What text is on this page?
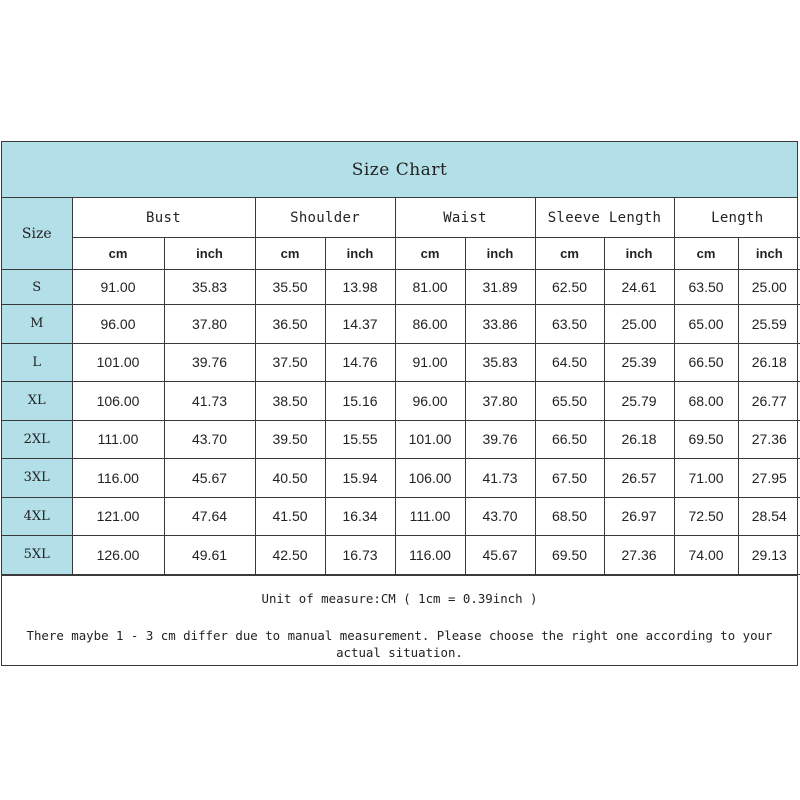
Size Chart
Size	Bust		Shoulder		Waist		Sleeve Length		Length	
	cm	inch	cm	inch	cm	inch	cm	inch	cm	inch
S	91.00	35.83	35.50	13.98	81.00	31.89	62.50	24.61	63.50	25.00
M	96.00	37.80	36.50	14.37	86.00	33.86	63.50	25.00	65.00	25.59
L	101.00	39.76	37.50	14.76	91.00	35.83	64.50	25.39	66.50	26.18
XL	106.00	41.73	38.50	15.16	96.00	37.80	65.50	25.79	68.00	26.77
2XL	111.00	43.70	39.50	15.55	101.00	39.76	66.50	26.18	69.50	27.36
3XL	116.00	45.67	40.50	15.94	106.00	41.73	67.50	26.57	71.00	27.95
4XL	121.00	47.64	41.50	16.34	111.00	43.70	68.50	26.97	72.50	28.54
5XL	126.00	49.61	42.50	16.73	116.00	45.67	69.50	27.36	74.00	29.13
Unit of measure:CM ( 1cm = 0.39inch )
There maybe 1 - 3 cm differ due to manual measurement. Please choose the right one according to your actual situation.
